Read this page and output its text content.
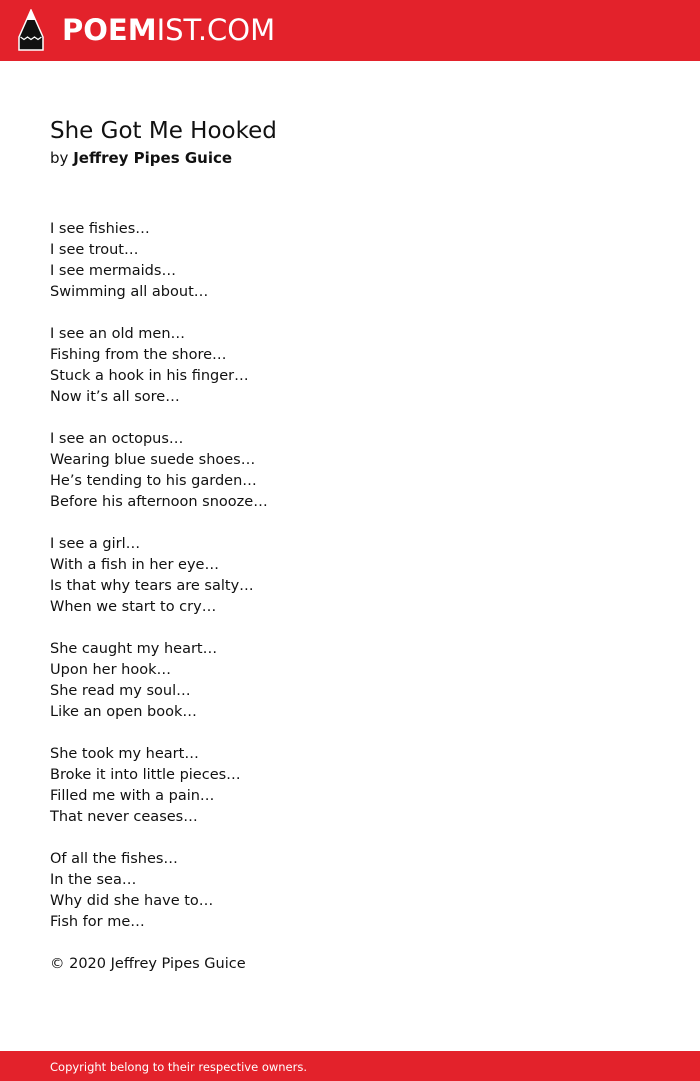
POEMIST.COM
She Got Me Hooked

by Jeffrey Pipes Guice

I see fishies…
I see trout…
I see mermaids…
Swimming all about…
I see an old men…
Fishing from the shore…
Stuck a hook in his finger…
Now it’s all sore…
I see an octopus…
Wearing blue suede shoes…
He’s tending to his garden…
Before his afternoon snooze…
I see a girl…
With a fish in her eye…
Is that why tears are salty…
When we start to cry…
She caught my heart…
Upon her hook…
She read my soul…
Like an open book…
She took my heart…
Broke it into little pieces…
Filled me with a pain…
That never ceases…
Of all the fishes…
In the sea…
Why did she have to…
Fish for me…

© 2020 Jeffrey Pipes Guice

Copyright belong to their respective owners.
